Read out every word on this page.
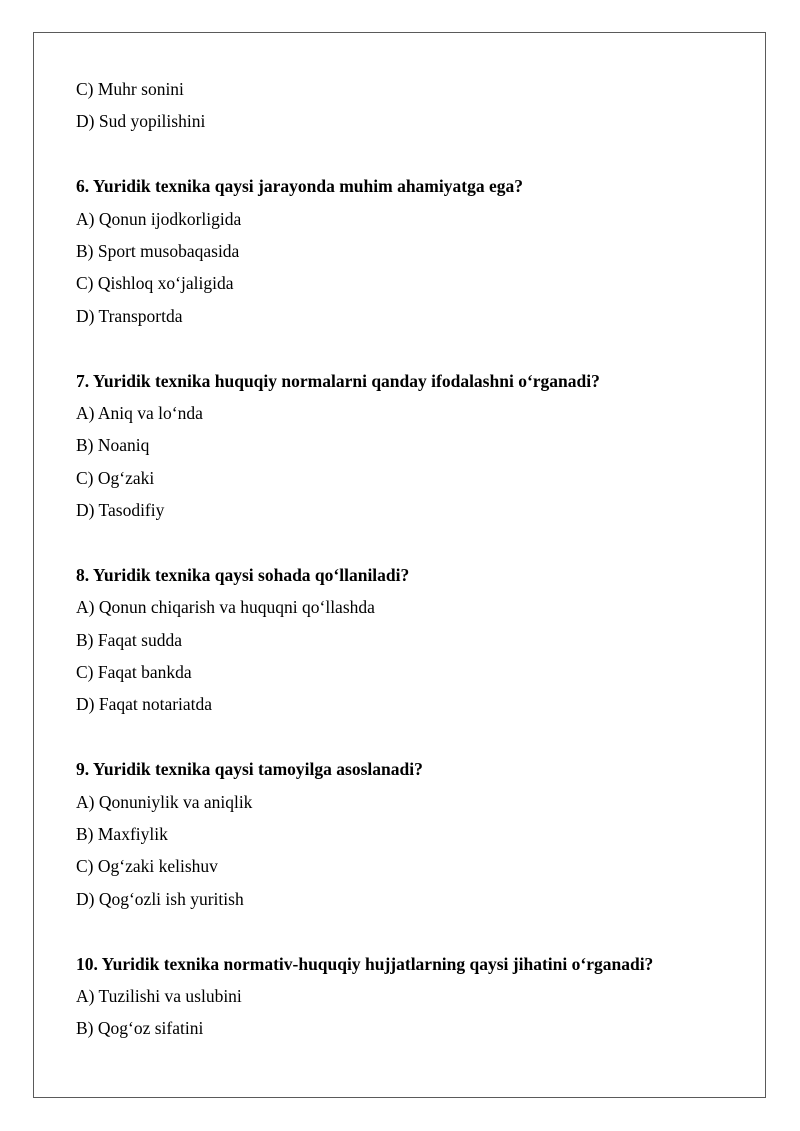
C) Muhr sonini
D) Sud yopilishini
6. Yuridik texnika qaysi jarayonda muhim ahamiyatga ega?
A) Qonun ijodkorligida
B) Sport musobaqasida
C) Qishloq xo‘jaligida
D) Transportda
7. Yuridik texnika huquqiy normalarni qanday ifodalashni o‘rganadi?
A) Aniq va lo‘nda
B) Noaniq
C) Og‘zaki
D) Tasodifiy
8. Yuridik texnika qaysi sohada qo‘llaniladi?
A) Qonun chiqarish va huquqni qo‘llashda
B) Faqat sudda
C) Faqat bankda
D) Faqat notariatda
9. Yuridik texnika qaysi tamoyilga asoslanadi?
A) Qonuniylik va aniqlik
B) Maxfiylik
C) Og‘zaki kelishuv
D) Qog‘ozli ish yuritish
10. Yuridik texnika normativ-huquqiy hujjatlarning qaysi jihatini o‘rganadi?
A) Tuzilishi va uslubini
B) Qog‘oz sifatini
